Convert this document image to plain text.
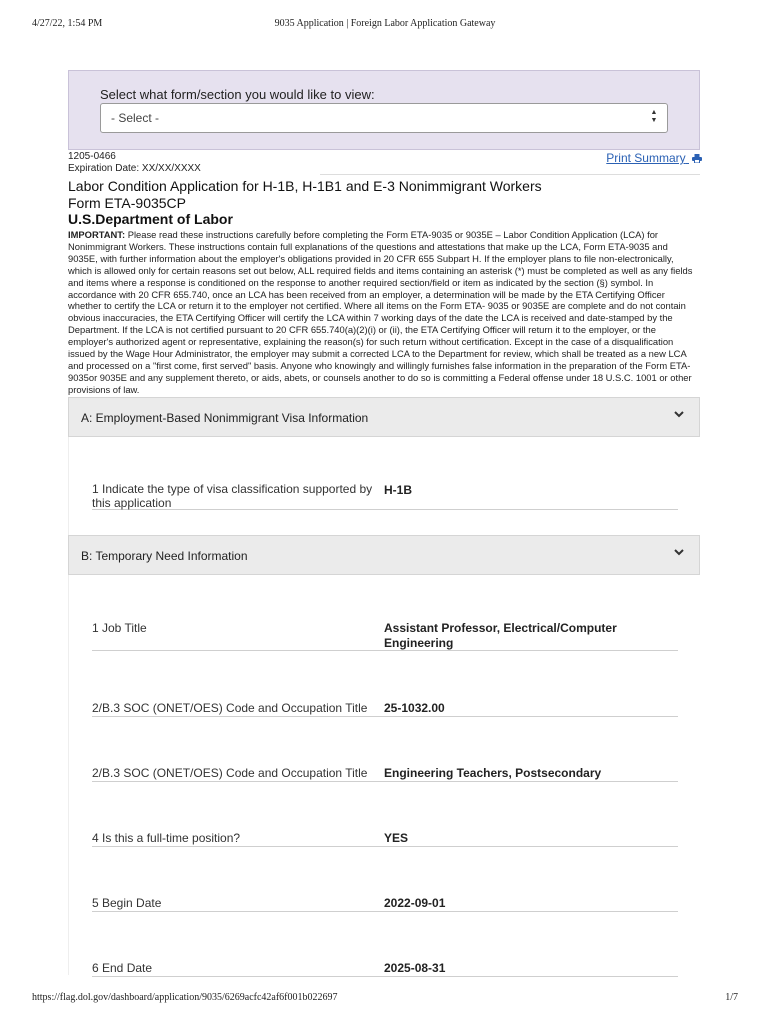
4/27/22, 1:54 PM	9035 Application | Foreign Labor Application Gateway
Select what form/section you would like to view:
- Select -	▲
▼
1205-0466
Expiration Date: XX/XX/XXXX
Print Summary
Labor Condition Application for H-1B, H-1B1 and E-3 Nonimmigrant Workers
Form ETA-9035CP
U.S.Department of Labor
IMPORTANT: Please read these instructions carefully before completing the Form ETA-9035 or 9035E – Labor Condition Application (LCA) for Nonimmigrant Workers. These instructions contain full explanations of the questions and attestations that make up the LCA, Form ETA-9035 and 9035E, with further information about the employer's obligations provided in 20 CFR 655 Subpart H. If the employer plans to file non-electronically, which is allowed only for certain reasons set out below, ALL required fields and items containing an asterisk (*) must be completed as well as any fields and items where a response is conditioned on the response to another required section/field or item as indicated by the section (§) symbol. In accordance with 20 CFR 655.740, once an LCA has been received from an employer, a determination will be made by the ETA Certifying Officer whether to certify the LCA or return it to the employer not certified. Where all items on the Form ETA- 9035 or 9035E are complete and do not contain obvious inaccuracies, the ETA Certifying Officer will certify the LCA within 7 working days of the date the LCA is received and date-stamped by the Department. If the LCA is not certified pursuant to 20 CFR 655.740(a)(2)(i) or (ii), the ETA Certifying Officer will return it to the employer, or the employer's authorized agent or representative, explaining the reason(s) for such return without certification. Except in the case of a disqualification issued by the Wage Hour Administrator, the employer may submit a corrected LCA to the Department for review, which shall be treated as a new LCA and processed on a "first come, first served" basis. Anyone who knowingly and willingly furnishes false information in the preparation of the Form ETA- 9035or 9035E and any supplement thereto, or aids, abets, or counsels another to do so is committing a Federal offense under 18 U.S.C. 1001 or other provisions of law.
A: Employment-Based Nonimmigrant Visa Information
1 Indicate the type of visa classification supported by this application
H-1B
B: Temporary Need Information
1 Job Title	Assistant Professor, Electrical/Computer Engineering
2/B.3 SOC (ONET/OES) Code and Occupation Title	25-1032.00
2/B.3 SOC (ONET/OES) Code and Occupation Title	Engineering Teachers, Postsecondary
4 Is this a full-time position?	YES
5 Begin Date	2022-09-01
6 End Date	2025-08-31
https://flag.dol.gov/dashboard/application/9035/6269acfc42af6f001b022697	1/7
